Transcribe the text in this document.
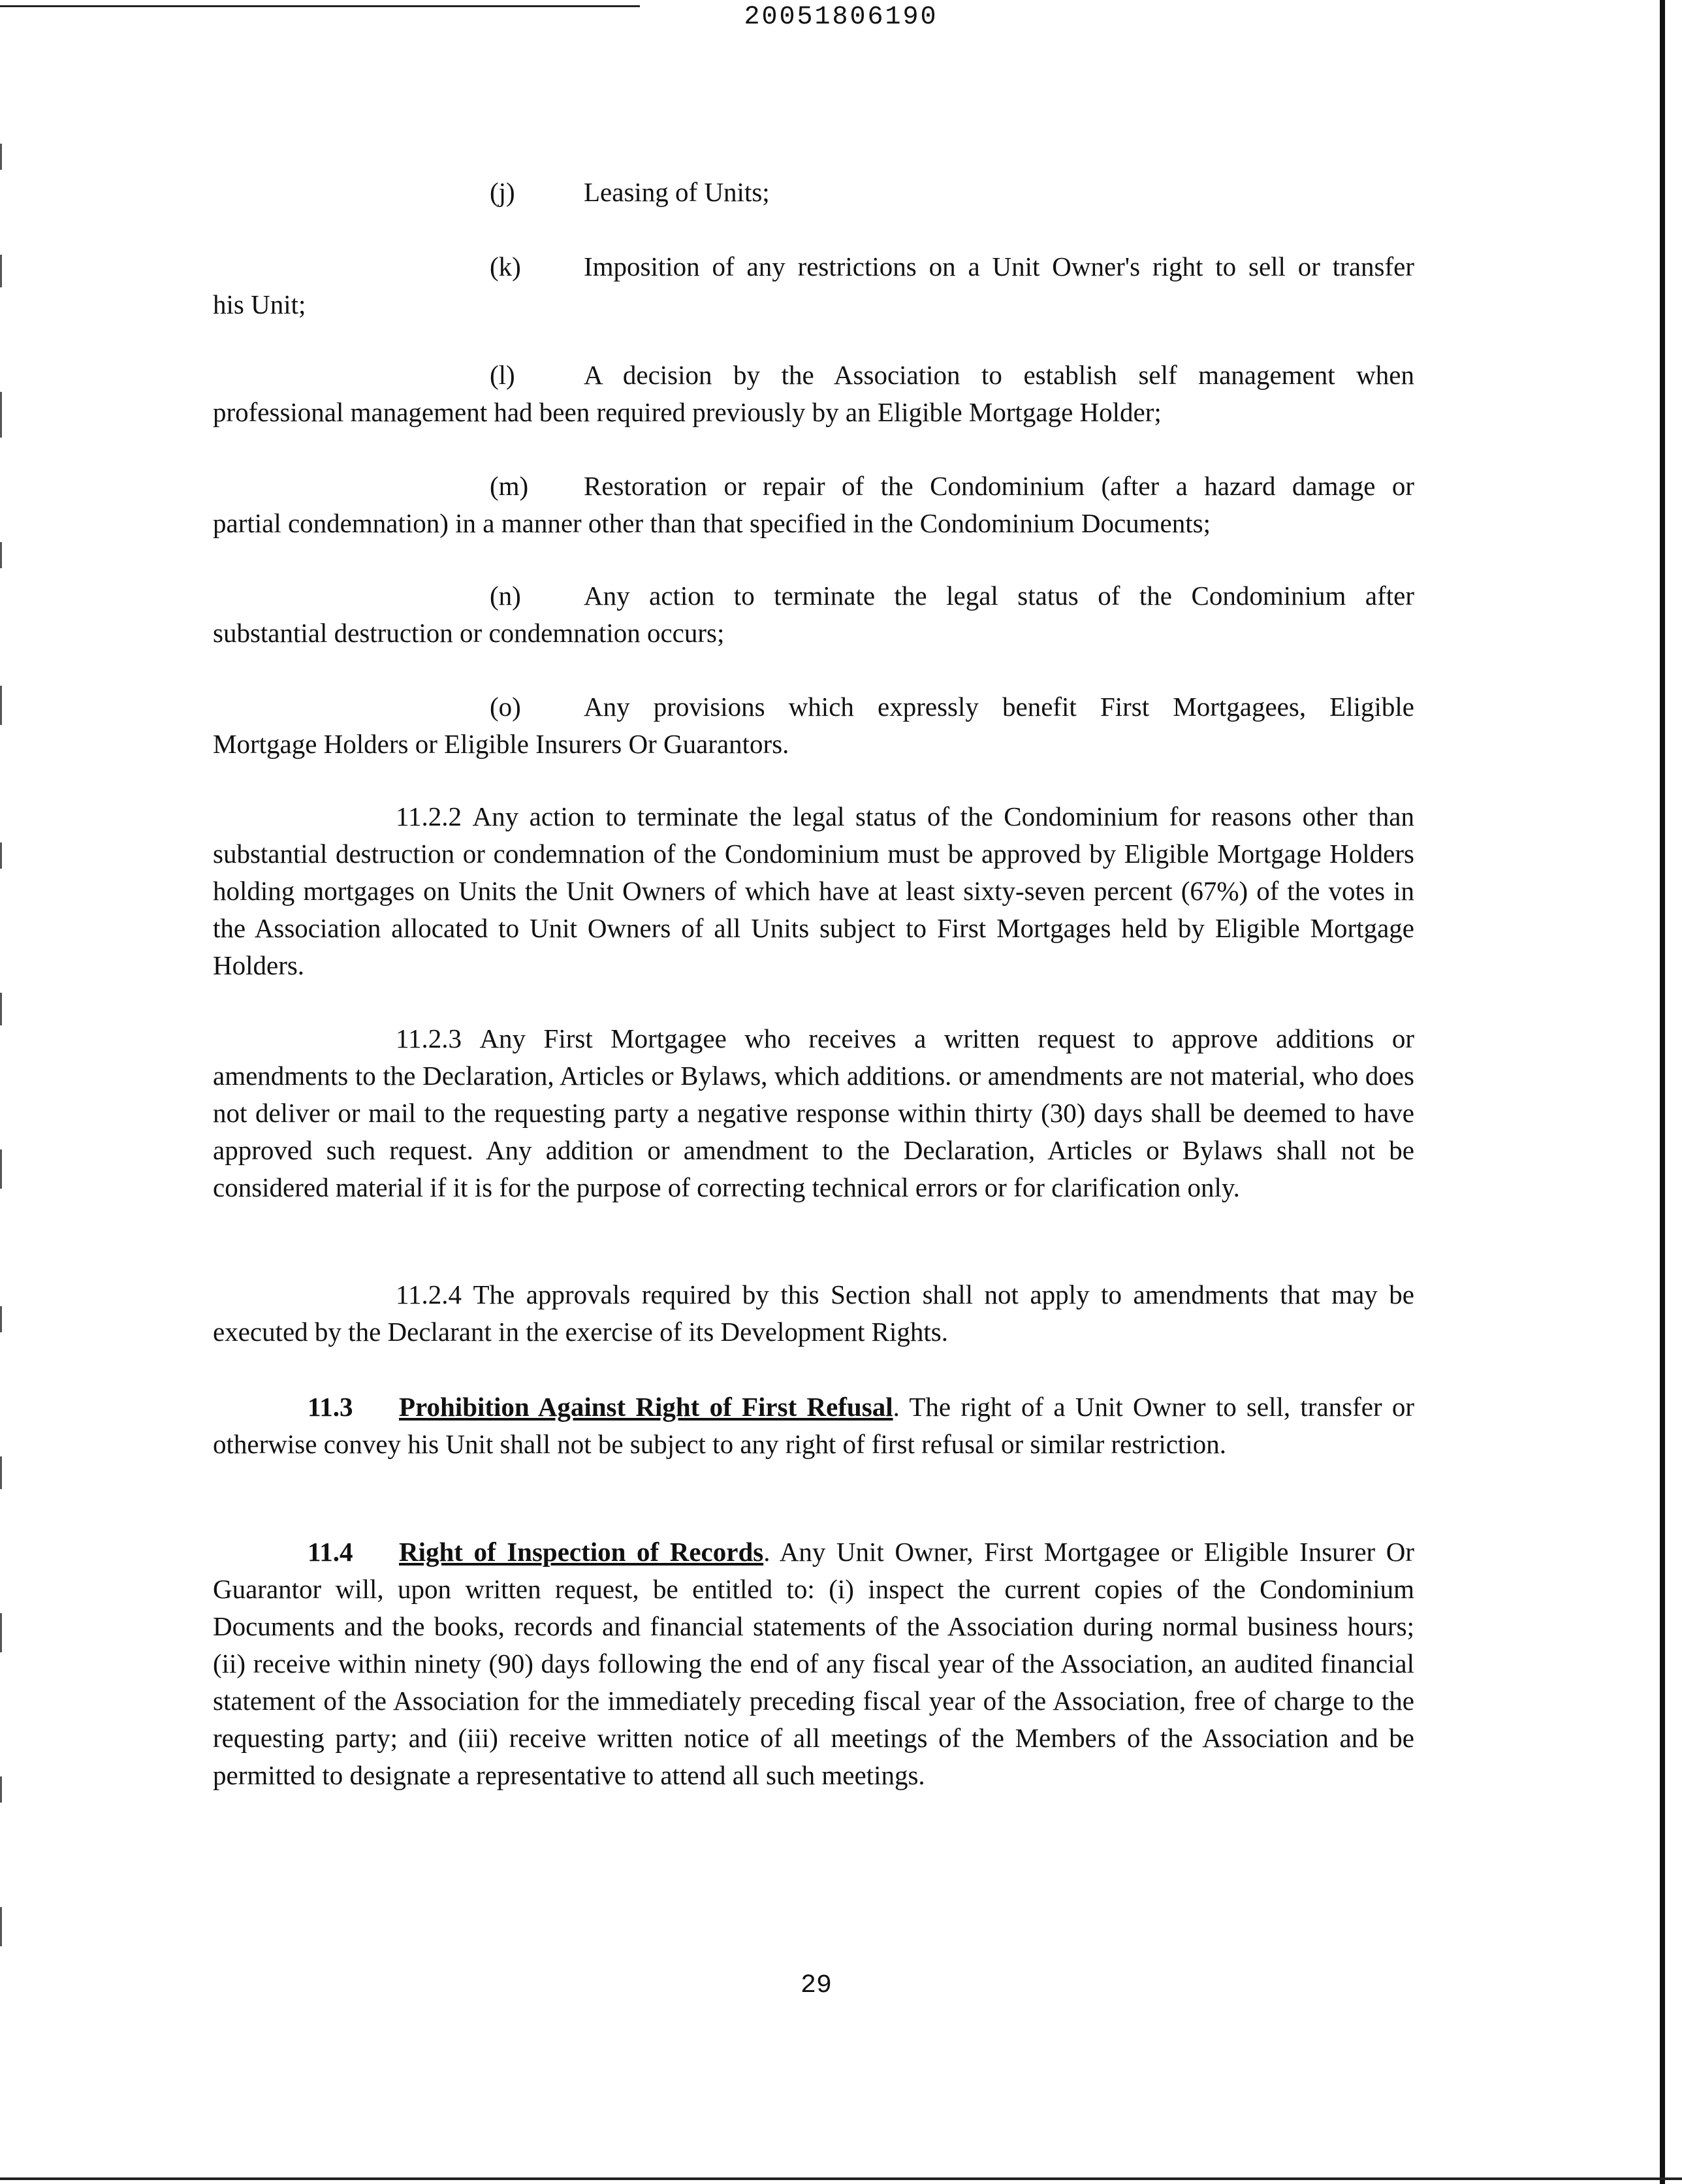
20051806190
(j)	Leasing of Units;
(k) Imposition of any restrictions on a Unit Owner's right to sell or transfer
his Unit;
(l)	A decision by the Association to establish self management when
professional management had been required previously by an Eligible Mortgage Holder;
(m) Restoration or repair of the Condominium (after a hazard damage or
partial condemnation) in a manner other than that specified in the Condominium Documents;
(n) Any action to terminate the legal status of the Condominium after
substantial destruction or condemnation occurs;
(o) Any provisions which expressly benefit First Mortgagees, Eligible
Mortgage Holders or Eligible Insurers Or Guarantors.
11.2.2 Any action to terminate the legal status of the Condominium for reasons other than substantial destruction or condemnation of the Condominium must be approved by Eligible Mortgage Holders holding mortgages on Units the Unit Owners of which have at least sixty-seven percent (67%) of the votes in the Association allocated to Unit Owners of all Units subject to First Mortgages held by Eligible Mortgage Holders.
11.2.3 Any First Mortgagee who receives a written request to approve additions or amendments to the Declaration, Articles or Bylaws, which additions. or amendments are not material, who does not deliver or mail to the requesting party a negative response within thirty (30) days shall be deemed to have approved such request. Any addition or amendment to the Declaration, Articles or Bylaws shall not be considered material if it is for the purpose of correcting technical errors or for clarification only.
11.2.4 The approvals required by this Section shall not apply to amendments that may be executed by the Declarant in the exercise of its Development Rights.
11.3 Prohibition Against Right of First Refusal. The right of a Unit Owner to sell, transfer or otherwise convey his Unit shall not be subject to any right of first refusal or similar restriction.
11.4 Right of Inspection of Records. Any Unit Owner, First Mortgagee or Eligible Insurer Or Guarantor will, upon written request, be entitled to: (i) inspect the current copies of the Condominium Documents and the books, records and financial statements of the Association during normal business hours; (ii) receive within ninety (90) days following the end of any fiscal year of the Association, an audited financial statement of the Association for the immediately preceding fiscal year of the Association, free of charge to the requesting party; and (iii) receive written notice of all meetings of the Members of the Association and be permitted to designate a representative to attend all such meetings.
29
